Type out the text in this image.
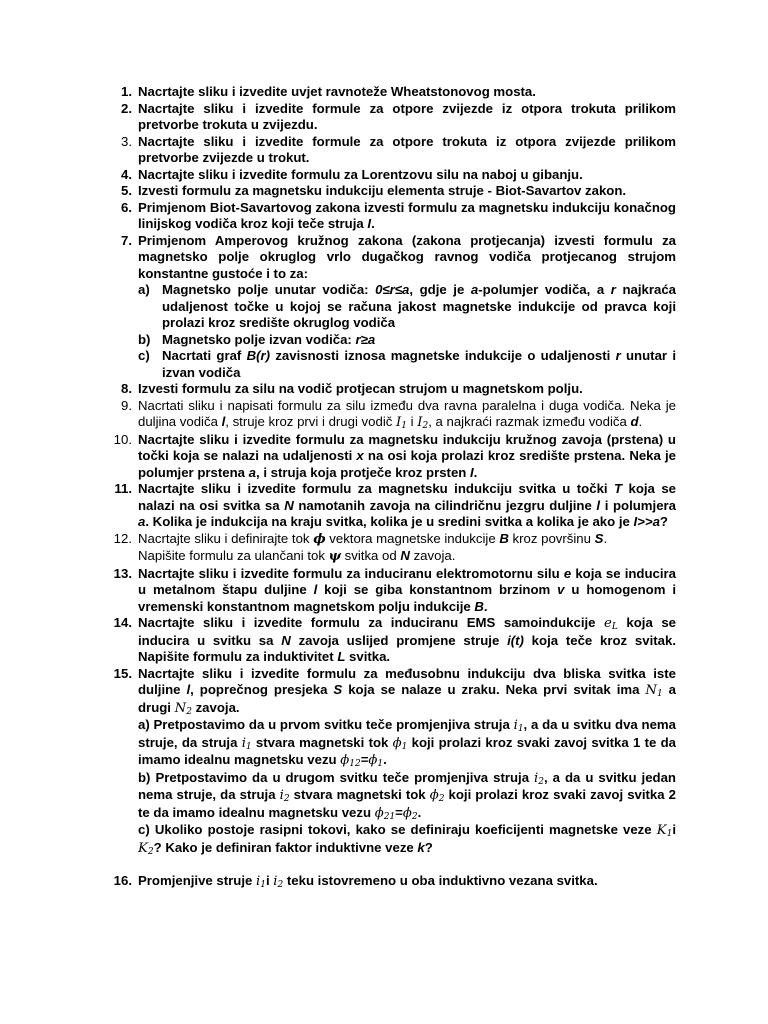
1. Nacrtajte sliku i izvedite uvjet ravnoteže Wheatstonovog mosta.
2. Nacrtajte sliku i izvedite formule za otpore zvijezde iz otpora trokuta prilikom pretvorbe trokuta u zvijezdu.
3. Nacrtajte sliku i izvedite formule za otpore trokuta iz otpora zvijezde prilikom pretvorbe zvijezde u trokut.
4. Nacrtajte sliku i izvedite formulu za Lorentzovu silu na naboj u gibanju.
5. Izvesti formulu za magnetsku indukciju elementa struje - Biot-Savartov zakon.
6. Primjenom Biot-Savartovog zakona izvesti formulu za magnetsku indukciju konačnog linijskog vodiča kroz koji teče struja I.
7. Primjenom Amperovog kružnog zakona (zakona protjecanja) izvesti formulu za magnetsko polje okruglog vrlo dugačkog ravnog vodiča protjecanog strujom konstantne gustoće i to za:
a) Magnetsko polje unutar vodiča: 0≤r≤a, gdje je a-polumjer vodiča, a r najkraća udaljenost točke u kojoj se računa jakost magnetske indukcije od pravca koji prolazi kroz središte okruglog vodiča
b) Magnetsko polje izvan vodiča: r≥a
c) Nacrtati graf B(r) zavisnosti iznosa magnetske indukcije o udaljenosti r unutar i izvan vodiča
8. Izvesti formulu za silu na vodič protjecan strujom u magnetskom polju.
9. Nacrtati sliku i napisati formulu za silu između dva ravna paralelna i duga vodiča. Neka je duljina vodiča l, struje kroz prvi i drugi vodič $I_1$ i $I_2$, a najkraći razmak između vodiča d.
10. Nacrtajte sliku i izvedite formulu za magnetsku indukciju kružnog zavoja (prstena) u točki koja se nalazi na udaljenosti x na osi koja prolazi kroz središte prstena. Neka je polumjer prstena a, i struja koja protječe kroz prsten I.
11. Nacrtajte sliku i izvedite formulu za magnetsku indukciju svitka u točki T koja se nalazi na osi svitka sa N namotanih zavoja na cilindričnu jezgru duljine l i polumjera a. Kolika je indukcija na kraju svitka, kolika je u sredini svitka a kolika je ako je I>>a?
12. Nacrtajte sliku i definirajte tok ϕ vektora magnetske indukcije B kroz površinu S.
Napišite formulu za ulančani tok ψ svitka od N zavoja.
13. Nacrtajte sliku i izvedite formulu za induciranu elektromotornu silu e koja se inducira u metalnom štapu duljine l koji se giba konstantnom brzinom v u homogenom i vremenski konstantnom magnetskom polju indukcije B.
14. Nacrtajte sliku i izvedite formulu za induciranu EMS samoindukcije $e_L$ koja se inducira u svitku sa N zavoja uslijed promjene struje i(t) koja teče kroz svitak. Napišite formulu za induktivitet L svitka.
15. Nacrtajte sliku i izvedite formulu za međusobnu indukciju dva bliska svitka iste duljine l, poprečnog presjeka S koja se nalaze u zraku. Neka prvi svitak ima $N_1$ a drugi $N_2$ zavoja.
a) Pretpostavimo da u prvom svitku teče promjenjiva struja $i_1$, a da u svitku dva nema struje, da struja $i_1$ stvara magnetski tok $\phi_1$ koji prolazi kroz svaki zavoj svitka 1 te da imamo idealnu magnetsku vezu $\phi_{12}=\phi_1$.
b) Pretpostavimo da u drugom svitku teče promjenjiva struja $i_2$, a da u svitku jedan nema struje, da struja $i_2$ stvara magnetski tok $\phi_2$ koji prolazi kroz svaki zavoj svitka 2 te da imamo idealnu magnetsku vezu $\phi_{21}=\phi_2$.
c) Ukoliko postoje rasipni tokovi, kako se definiraju koeficijenti magnetske veze $K_1i$ $K_2$? Kako je definiran faktor induktivne veze k?
16. Promjenjive struje $i_1i$ $i_2$ teku istovremeno u oba induktivno vezana svitka.
